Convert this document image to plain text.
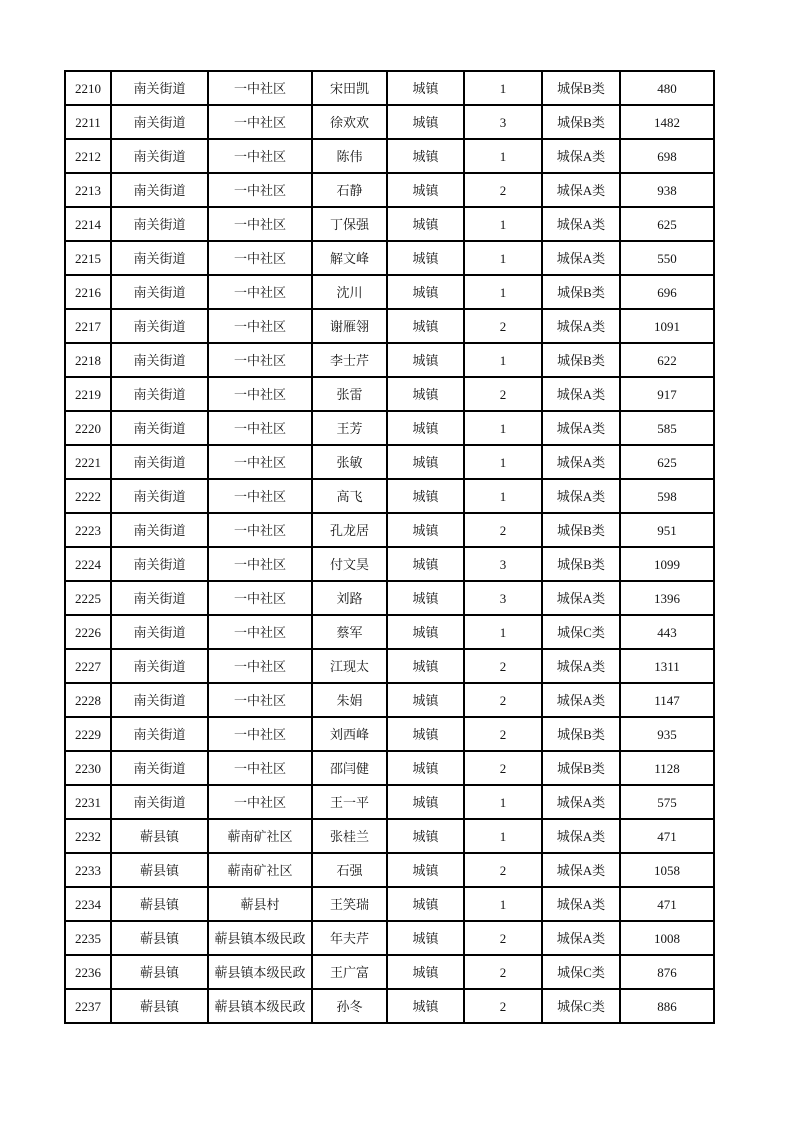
2210	南关街道	一中社区	宋田凯	城镇	1	城保B类	480
2211	南关街道	一中社区	徐欢欢	城镇	3	城保B类	1482
2212	南关街道	一中社区	陈伟	城镇	1	城保A类	698
2213	南关街道	一中社区	石静	城镇	2	城保A类	938
2214	南关街道	一中社区	丁保强	城镇	1	城保A类	625
2215	南关街道	一中社区	解文峰	城镇	1	城保A类	550
2216	南关街道	一中社区	沈川	城镇	1	城保B类	696
2217	南关街道	一中社区	谢雁翎	城镇	2	城保A类	1091
2218	南关街道	一中社区	李士芹	城镇	1	城保B类	622
2219	南关街道	一中社区	张雷	城镇	2	城保A类	917
2220	南关街道	一中社区	王芳	城镇	1	城保A类	585
2221	南关街道	一中社区	张敏	城镇	1	城保A类	625
2222	南关街道	一中社区	高飞	城镇	1	城保A类	598
2223	南关街道	一中社区	孔龙居	城镇	2	城保B类	951
2224	南关街道	一中社区	付文昊	城镇	3	城保B类	1099
2225	南关街道	一中社区	刘路	城镇	3	城保A类	1396
2226	南关街道	一中社区	蔡军	城镇	1	城保C类	443
2227	南关街道	一中社区	江现太	城镇	2	城保A类	1311
2228	南关街道	一中社区	朱娟	城镇	2	城保A类	1147
2229	南关街道	一中社区	刘西峰	城镇	2	城保B类	935
2230	南关街道	一中社区	邵闫健	城镇	2	城保B类	1128
2231	南关街道	一中社区	王一平	城镇	1	城保A类	575
2232	蕲县镇	蕲南矿社区	张桂兰	城镇	1	城保A类	471
2233	蕲县镇	蕲南矿社区	石强	城镇	2	城保A类	1058
2234	蕲县镇	蕲县村	王笑瑞	城镇	1	城保A类	471
2235	蕲县镇	蕲县镇本级民政	年夫芹	城镇	2	城保A类	1008
2236	蕲县镇	蕲县镇本级民政	王广富	城镇	2	城保C类	876
2237	蕲县镇	蕲县镇本级民政	孙冬	城镇	2	城保C类	886
